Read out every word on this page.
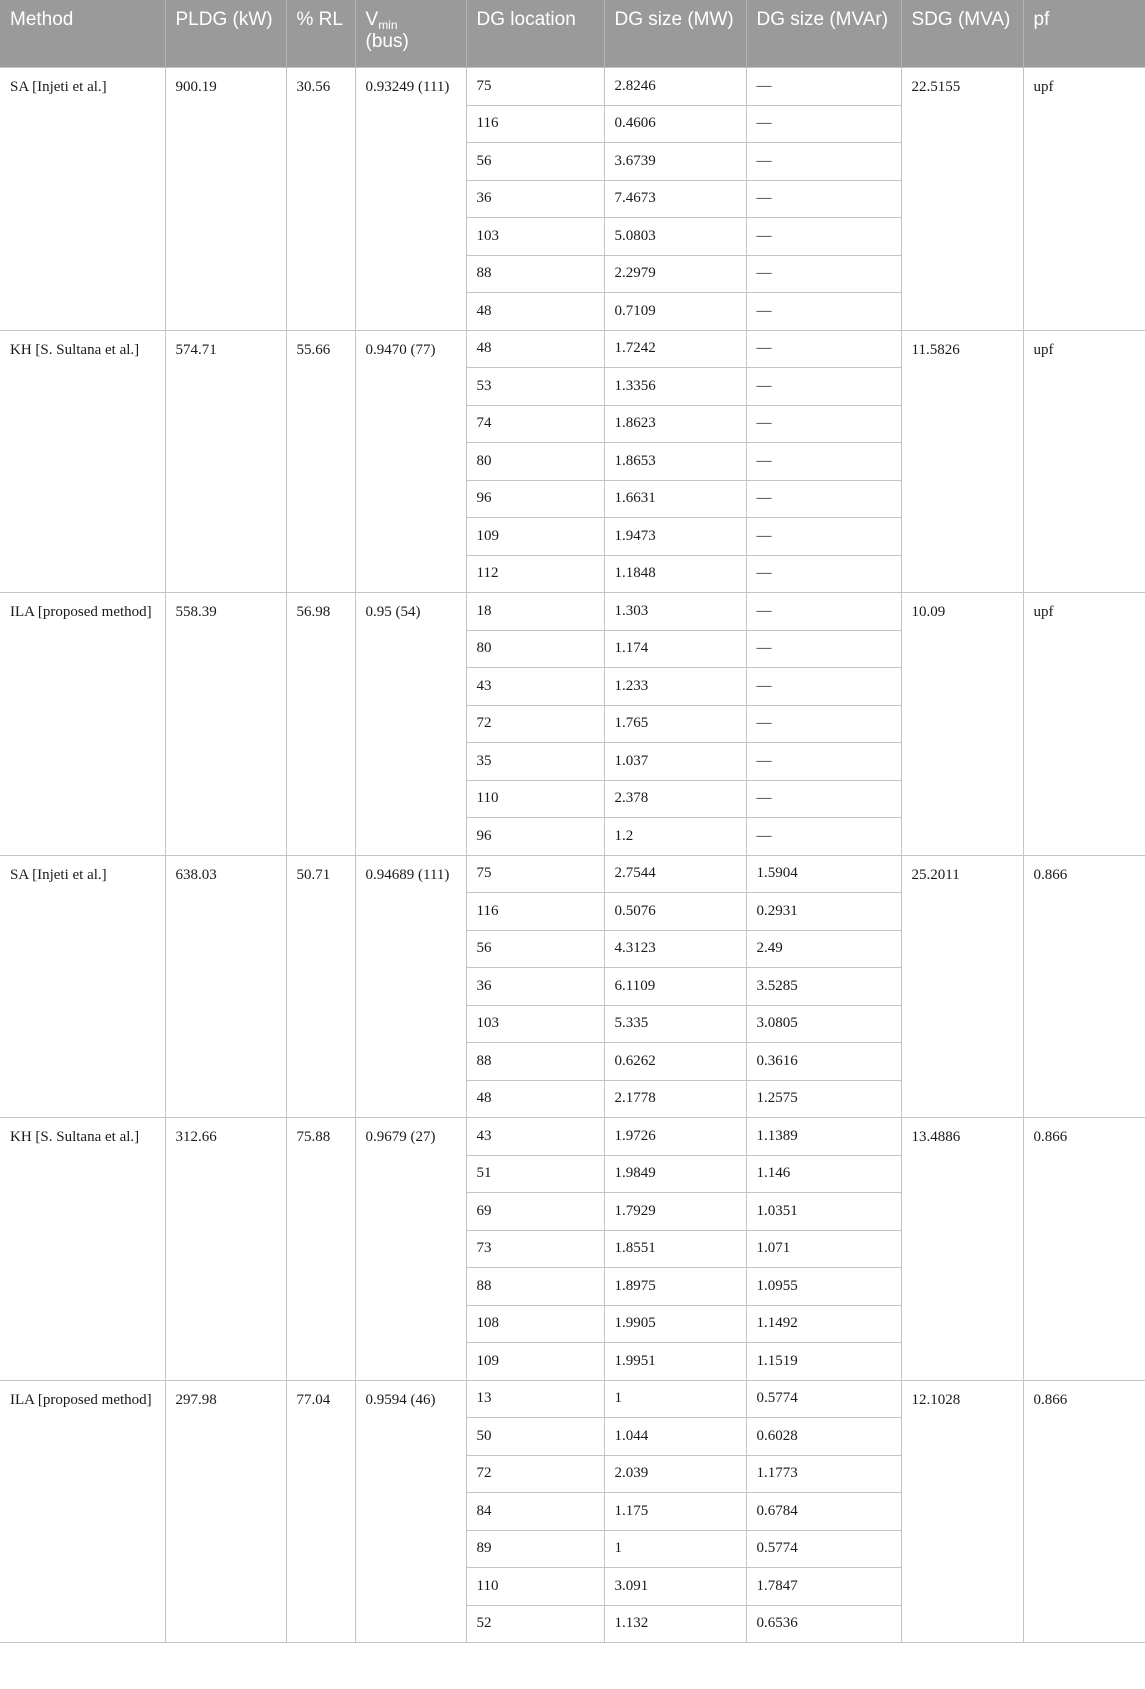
Method	PLDG (kW)	% RL	$V_{min}$
(bus)	DG location	DG size (MW)	DG size (MVAr)	SDG (MVA)	pf
SA [Injeti et al.]	900.19	30.56	0.93249 (111)	75	2.8246	—	22.5155	upf
				116	0.4606	—		
				56	3.6739	—		
				36	7.4673	—		
				103	5.0803	—		
				88	2.2979	—		
				48	0.7109	—		
KH [S. Sultana et al.]	574.71	55.66	0.9470 (77)	48	1.7242	—	11.5826	upf
				53	1.3356	—		
				74	1.8623	—		
				80	1.8653	—		
				96	1.6631	—		
				109	1.9473	—		
				112	1.1848	—		
ILA [proposed method]	558.39	56.98	0.95 (54)	18	1.303	—	10.09	upf
				80	1.174	—		
				43	1.233	—		
				72	1.765	—		
				35	1.037	—		
				110	2.378	—		
				96	1.2	—		
SA [Injeti et al.]	638.03	50.71	0.94689 (111)	75	2.7544	1.5904	25.2011	0.866
				116	0.5076	0.2931		
				56	4.3123	2.49		
				36	6.1109	3.5285		
				103	5.335	3.0805		
				88	0.6262	0.3616		
				48	2.1778	1.2575		
KH [S. Sultana et al.]	312.66	75.88	0.9679 (27)	43	1.9726	1.1389	13.4886	0.866
				51	1.9849	1.146		
				69	1.7929	1.0351		
				73	1.8551	1.071		
				88	1.8975	1.0955		
				108	1.9905	1.1492		
				109	1.9951	1.1519		
ILA [proposed method]	297.98	77.04	0.9594 (46)	13	1	0.5774	12.1028	0.866
				50	1.044	0.6028		
				72	2.039	1.1773		
				84	1.175	0.6784		
				89	1	0.5774		
				110	3.091	1.7847		
				52	1.132	0.6536		
